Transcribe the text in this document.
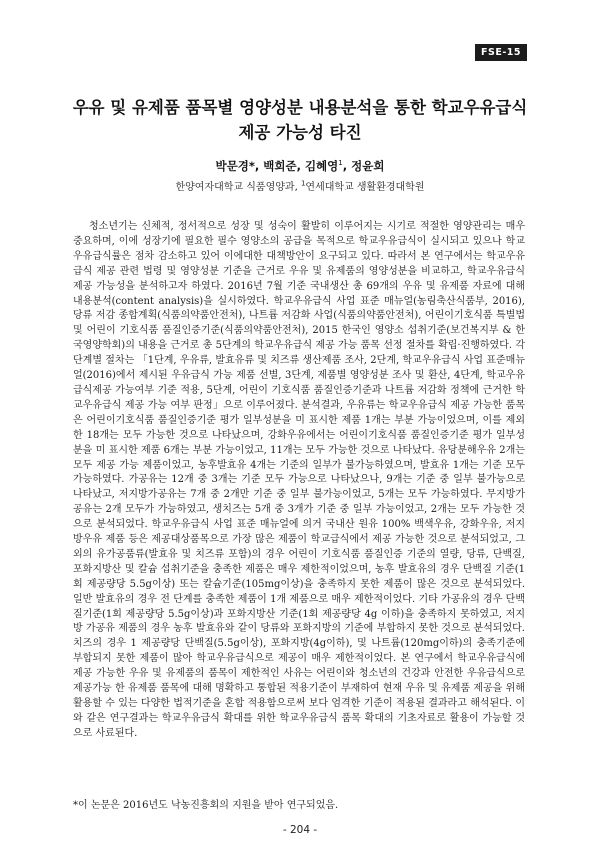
FSE-15
우유 및 유제품 품목별 영양성분 내용분석을 통한 학교우유급식
제공 가능성 타진
박문경*, 백희준, 김혜영$^1$, 정윤희
한양여자대학교 식품영양과, $^1$연세대학교 생활환경대학원

청소년기는 신체적, 정서적으로 성장 및 성숙이 활발히 이루어지는 시기로 적절한 영양관리는 매우 중요하며, 이에 성장기에 필요한 필수 영양소의 공급을 목적으로 학교우유급식이 실시되고 있으나 학교우유급식률은 점차 감소하고 있어 이에대한 대책방안이 요구되고 있다. 따라서 본 연구에서는 학교우유급식 제공 관련 법령 및 영양성분 기준을 근거로 우유 및 유제품의 영양성분을 비교하고, 학교우유급식 제공 가능성을 분석하고자 하였다. 2016년 7월 기준 국내생산 총 69개의 우유 및 유제품 자료에 대해 내용분석(content analysis)을 실시하였다. 학교우유급식 사업 표준 매뉴얼(농림축산식품부, 2016), 당류 저감 종합계획(식품의약품안전처), 나트륨 저감화 사업(식품의약품안전처), 어린이기호식품 특별법 및 어린이 기호식품 품질인증기준(식품의약품안전처), 2015 한국인 영양소 섭취기준(보건복지부 & 한국영양학회)의 내용을 근거로 총 5단계의 학교우유급식 제공 가능 품목 선정 절차를 확립·진행하였다. 각 단계별 절차는 「1단계, 우유류, 발효유류 및 치즈류 생산제품 조사, 2단계, 학교우유급식 사업 표준매뉴얼(2016)에서 제시된 우유급식 가능 제품 선별, 3단계, 제품별 영양성분 조사 및 환산, 4단계, 학교우유급식제공 가능여부 기준 적용, 5단계, 어린이 기호식품 품질인증기준과 나트륨 저감화 정책에 근거한 학교우유급식 제공 가능 여부 판정」으로 이루어졌다. 분석결과, 우유류는 학교우유급식 제공 가능한 품목은 어린이기호식품 품질인증기준 평가 일부성분을 미 표시한 제품 1개는 부분 가능이었으며, 이를 제외한 18개는 모두 가능한 것으로 나타났으며, 강화우유에서는 어린이기호식품 품질인증기준 평가 일부성분을 미 표시한 제품 6개는 부분 가능이었고, 11개는 모두 가능한 것으로 나타났다. 유당분해우유 2개는 모두 제공 가능 제품이었고, 농후발효유 4개는 기준의 일부가 불가능하였으며, 발효유 1개는 기준 모두 가능하였다. 가공유는 12개 중 3개는 기준 모두 가능으로 나타났으나, 9개는 기준 중 일부 불가능으로 나타났고, 저지방가공유는 7개 중 2개만 기준 중 일부 불가능이었고, 5개는 모두 가능하였다. 무지방가공유는 2개 모두가 가능하였고, 생치즈는 5개 중 3개가 기준 중 일부 가능이었고, 2개는 모두 가능한 것으로 분석되었다. 학교우유급식 사업 표준 매뉴얼에 의거 국내산 원유 100% 백색우유, 강화우유, 저지방우유 제품 등은 제공대상품목으로 가장 많은 제품이 학교급식에서 제공 가능한 것으로 분석되었고, 그 외의 유가공품류(발효유 및 치즈류 포함)의 경우 어린이 기호식품 품질인증 기준의 열량, 당류, 단백질, 포화지방산 및 칼슘 섭취기준을 충족한 제품은 매우 제한적이었으며, 농후 발효유의 경우 단백질 기준(1회 제공량당 5.5g이상) 또는 칼슘기준(105mg이상)을 충족하지 못한 제품이 많은 것으로 분석되었다. 일반 발효유의 경우 전 단계를 충족한 제품이 1개 제품으로 매우 제한적이었다. 기타 가공유의 경우 단백질기준(1회 제공량당 5.5g이상)과 포화지방산 기준(1회 제공량당 4g 이하)을 충족하지 못하였고, 저지방 가공유 제품의 경우 농후 발효유와 같이 당류와 포화지방의 기준에 부합하지 못한 것으로 분석되었다. 치즈의 경우 1 제공량당 단백질(5.5g이상), 포화지방(4g이하), 및 나트륨(120mg이하)의 충족기준에 부합되지 못한 제품이 많아 학교우유급식으로 제공이 매우 제한적이었다. 본 연구에서 학교우유급식에 제공 가능한 우유 및 유제품의 품목이 제한적인 사유는 어린이와 청소년의 건강과 안전한 우유급식으로 제공가능 한 유제품 품목에 대해 명확하고 통합된 적용기준이 부재하여 현재 우유 및 유제품 제공을 위해 활용할 수 있는 다양한 법적기준을 혼합 적용함으로써 보다 엄격한 기준이 적용된 결과라고 해석된다. 이와 같은 연구결과는 학교우유급식 확대를 위한 학교우유급식 품목 확대의 기초자료로 활용이 가능할 것으로 사료된다.

*이 논문은 2016년도 낙농진흥회의 지원을 받아 연구되었음.
- 204 -
